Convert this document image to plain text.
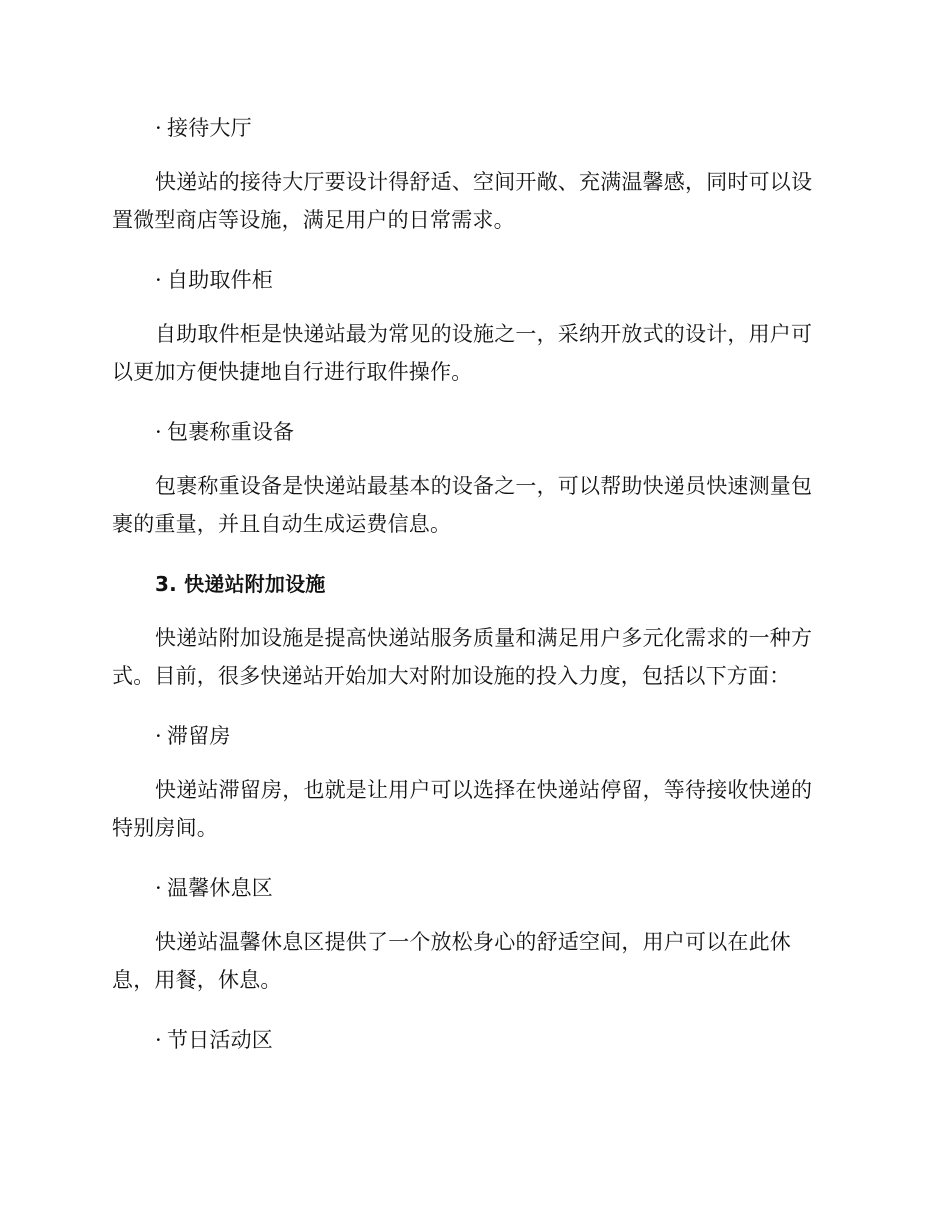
· 接待大厅
快递站的接待大厅要设计得舒适、空间开敞、充满温馨感，同时可以设置微型商店等设施，满足用户的日常需求。
· 自助取件柜
自助取件柜是快递站最为常见的设施之一，采纳开放式的设计，用户可以更加方便快捷地自行进行取件操作。
· 包裹称重设备
包裹称重设备是快递站最基本的设备之一，可以帮助快递员快速测量包裹的重量，并且自动生成运费信息。
3. 快递站附加设施
快递站附加设施是提高快递站服务质量和满足用户多元化需求的一种方式。目前，很多快递站开始加大对附加设施的投入力度，包括以下方面：
· 滞留房
快递站滞留房，也就是让用户可以选择在快递站停留，等待接收快递的特别房间。
· 温馨休息区
快递站温馨休息区提供了一个放松身心的舒适空间，用户可以在此休息，用餐，休息。
· 节日活动区
